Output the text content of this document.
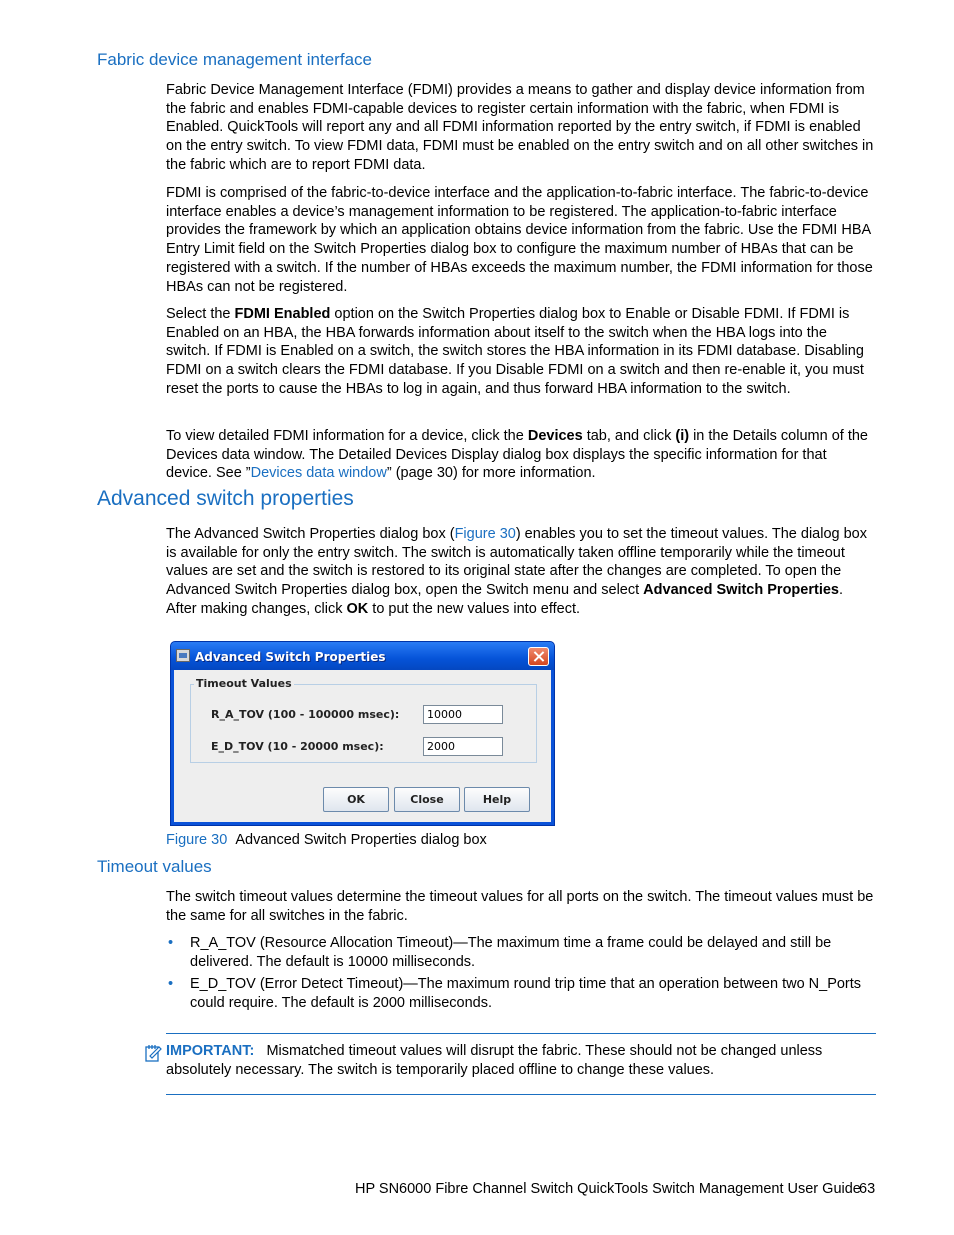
Fabric device management interface

Fabric Device Management Interface (FDMI) provides a means to gather and display device information from the fabric and enables FDMI-capable devices to register certain information with the fabric, when FDMI is Enabled. QuickTools will report any and all FDMI information reported by the entry switch, if FDMI is enabled on the entry switch. To view FDMI data, FDMI must be enabled on the entry switch and on all other switches in the fabric which are to report FDMI data.

FDMI is comprised of the fabric-to-device interface and the application-to-fabric interface. The fabric-to-device interface enables a device’s management information to be registered. The application-to-fabric interface provides the framework by which an application obtains device information from the fabric. Use the FDMI HBA Entry Limit field on the Switch Properties dialog box to configure the maximum number of HBAs that can be registered with a switch. If the number of HBAs exceeds the maximum number, the FDMI information for those HBAs can not be registered.

Select the FDMI Enabled option on the Switch Properties dialog box to Enable or Disable FDMI. If FDMI is Enabled on an HBA, the HBA forwards information about itself to the switch when the HBA logs into the switch. If FDMI is Enabled on a switch, the switch stores the HBA information in its FDMI database. Disabling FDMI on a switch clears the FDMI database. If you Disable FDMI on a switch and then re-enable it, you must reset the ports to cause the HBAs to log in again, and thus forward HBA information to the switch.

To view detailed FDMI information for a device, click the Devices tab, and click (i) in the Details column of the Devices data window. The Detailed Devices Display dialog box displays the specific information for that device. See ”Devices data window” (page 30) for more information.

Advanced switch properties

The Advanced Switch Properties dialog box (Figure 30) enables you to set the timeout values. The dialog box is available for only the entry switch. The switch is automatically taken offline temporarily while the timeout values are set and the switch is restored to its original state after the changes are completed. To open the Advanced Switch Properties dialog box, open the Switch menu and select Advanced Switch Properties. After making changes, click OK to put the new values into effect.

Advanced Switch Properties
Timeout Values
R_A_TOV (100 - 100000 msec):	10000
E_D_TOV (10 - 20000 msec):	2000
OK	Close	Help
Figure 30 Advanced Switch Properties dialog box
Timeout values

The switch timeout values determine the timeout values for all ports on the switch. The timeout values must be the same for all switches in the fabric.

• R_A_TOV (Resource Allocation Timeout)—The maximum time a frame could be delayed and still be delivered. The default is 10000 milliseconds.
• E_D_TOV (Error Detect Timeout)—The maximum round trip time that an operation between two N_Ports could require. The default is 2000 milliseconds.

IMPORTANT: Mismatched timeout values will disrupt the fabric. These should not be changed unless absolutely necessary. The switch is temporarily placed offline to change these values.

HP SN6000 Fibre Channel Switch QuickTools Switch Management User Guide
63
